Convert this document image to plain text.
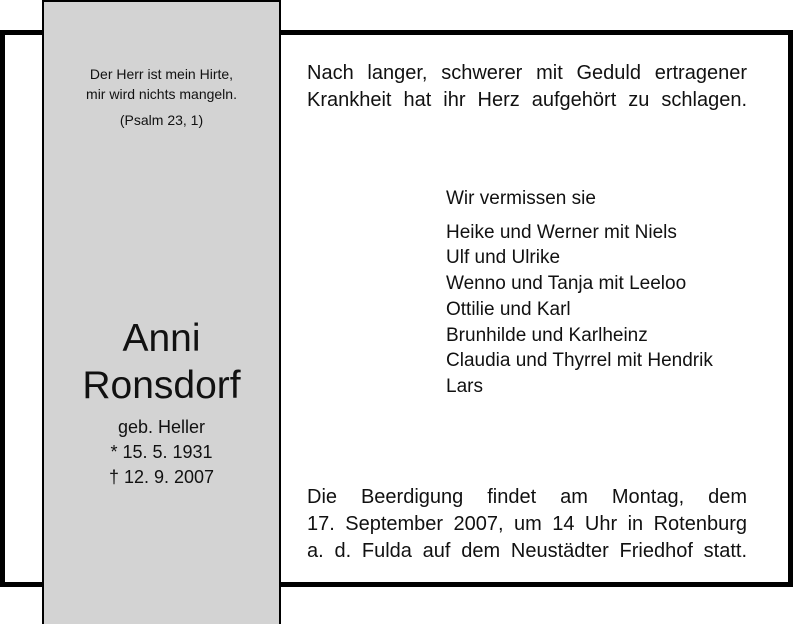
Der Herr ist mein Hirte,
mir wird nichts mangeln.
(Psalm 23, 1)
Anni
Ronsdorf
geb. Heller
* 15. 5. 1931
† 12. 9. 2007
Nach langer, schwerer mit Geduld ertragener
Krankheit hat ihr Herz aufgehört zu schlagen.
Wir vermissen sie
Heike und Werner mit Niels
Ulf und Ulrike
Wenno und Tanja mit Leeloo
Ottilie und Karl
Brunhilde und Karlheinz
Claudia und Thyrrel mit Hendrik
Lars
Die Beerdigung findet am Montag, dem
17. September 2007, um 14 Uhr in Rotenburg
a. d. Fulda auf dem Neustädter Friedhof statt.
